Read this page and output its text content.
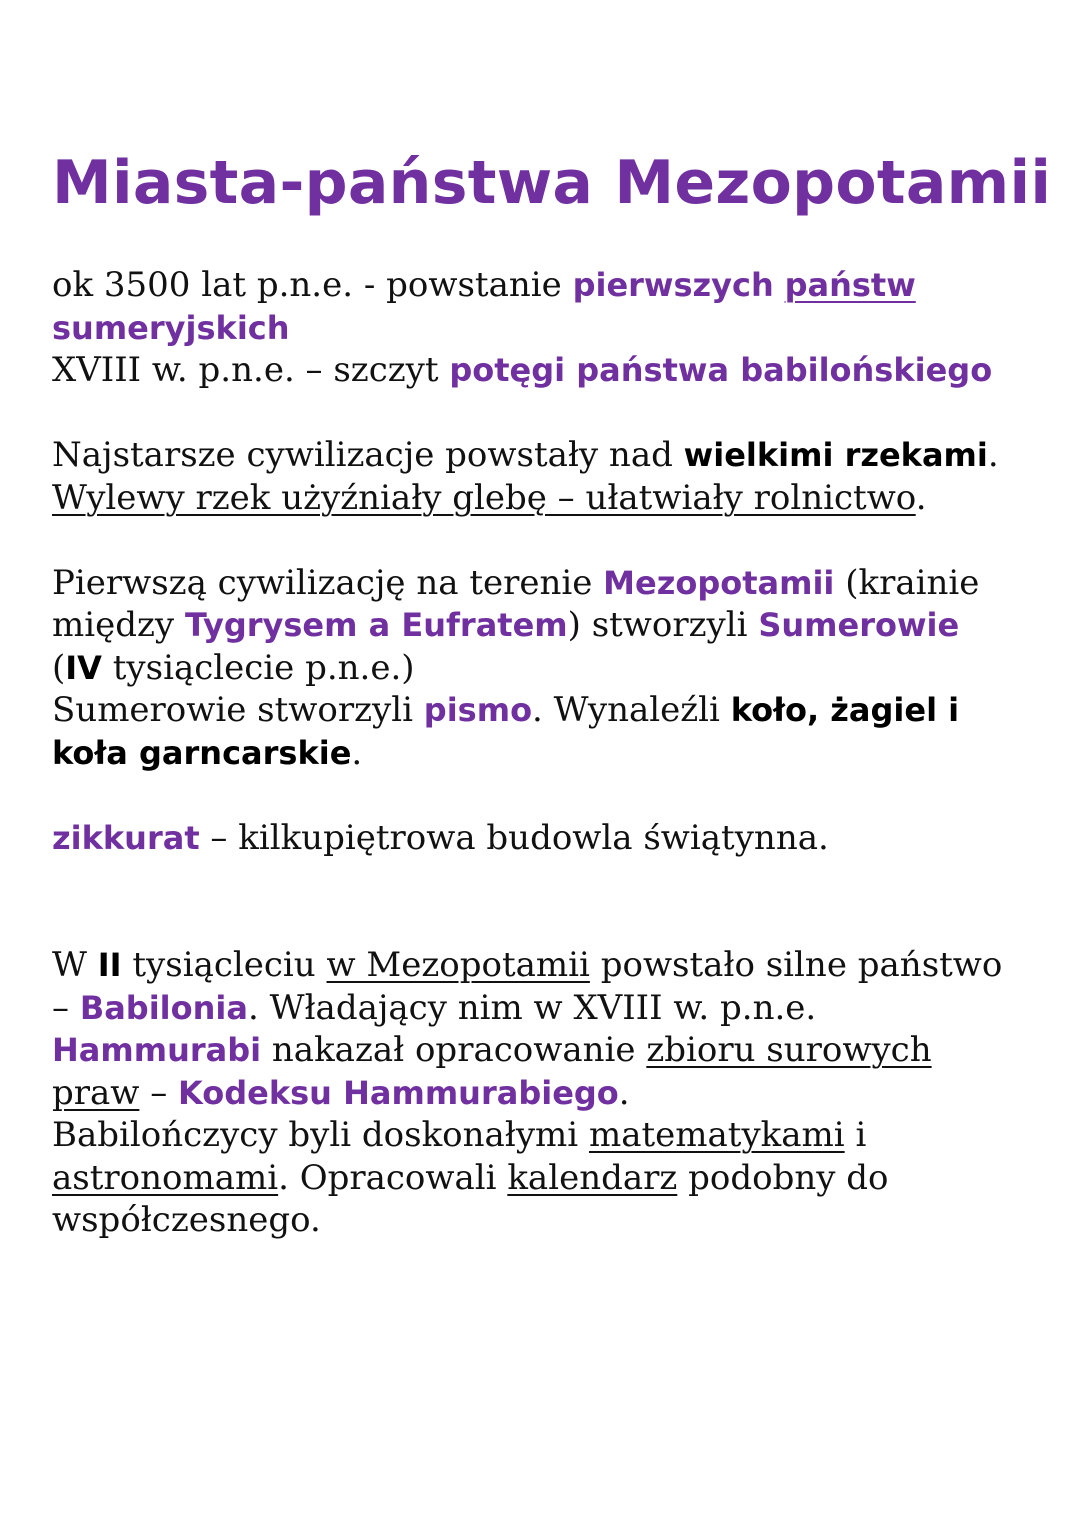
Miasta-państwa Mezopotamii

ok 3500 lat p.n.e. - powstanie pierwszych państw
sumeryjskich
XVIII w. p.n.e. – szczyt potęgi państwa babilońskiego

Najstarsze cywilizacje powstały nad wielkimi rzekami.
Wylewy rzek użyźniały glebę – ułatwiały rolnictwo.

Pierwszą cywilizację na terenie Mezopotamii (krainie
między Tygrysem a Eufratem) stworzyli Sumerowie
(IV tysiąclecie p.n.e.)
Sumerowie stworzyli pismo. Wynaleźli koło, żagiel i
koła garncarskie.

zikkurat – kilkupiętrowa budowla świątynna.

W II tysiącleciu w Mezopotamii powstało silne państwo
– Babilonia. Władający nim w XVIII w. p.n.e.
Hammurabi nakazał opracowanie zbioru surowych
praw – Kodeksu Hammurabiego.
Babilończycy byli doskonałymi matematykami i
astronomami. Opracowali kalendarz podobny do
współczesnego.
